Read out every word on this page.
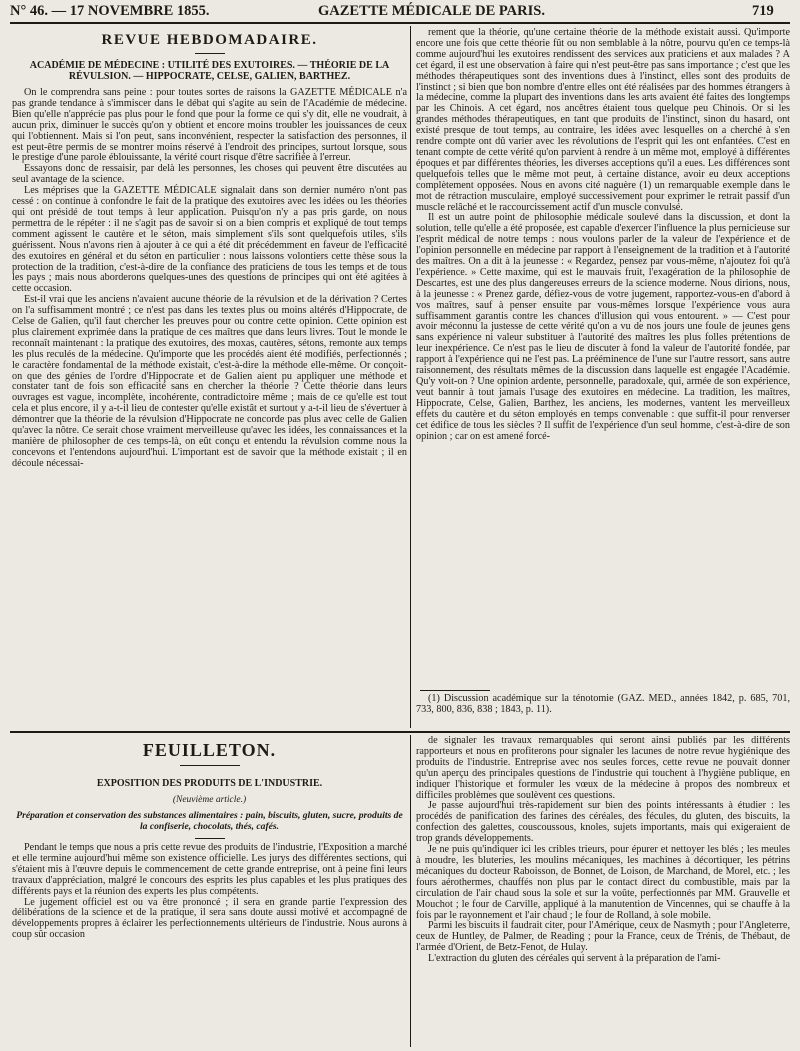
N° 46. — 17 NOVEMBRE 1855.	GAZETTE MÉDICALE DE PARIS.	719
REVUE HEBDOMADAIRE.
ACADÉMIE DE MÉDECINE : UTILITÉ DES EXUTOIRES. — THÉORIE DE LA RÉVULSION. — HIPPOCRATE, CELSE, GALIEN, BARTHEZ.

On le comprendra sans peine : pour toutes sortes de raisons la GAZETTE MÉDICALE n'a pas grande tendance à s'immiscer dans le débat qui s'agite au sein de l'Académie de médecine. Bien qu'elle n'apprécie pas plus pour le fond que pour la forme ce qui s'y dit, elle ne voudrait, à aucun prix, diminuer le succès qu'on y obtient et encore moins troubler les jouissances de ceux qui l'obtiennent. Mais si l'on peut, sans inconvénient, respecter la satisfaction des personnes, il est peut-être permis de se montrer moins réservé à l'endroit des principes, surtout lorsque, sous le prestige d'une parole éblouissante, la vérité court risque d'être sacrifiée à l'erreur.

Essayons donc de ressaisir, par delà les personnes, les choses qui peuvent être discutées au seul avantage de la science.

Les méprises que la GAZETTE MÉDICALE signalait dans son dernier numéro n'ont pas cessé : on continue à confondre le fait de la pratique des exutoires avec les idées ou les théories qui ont présidé de tout temps à leur application. Puisqu'on n'y a pas pris garde, on nous permettra de le répéter : il ne s'agit pas de savoir si on a bien compris et expliqué de tout temps comment agissent le cautère et le séton, mais simplement s'ils sont quelquefois utiles, s'ils guérissent. Nous n'avons rien à ajouter à ce qui a été dit précédemment en faveur de l'efficacité des exutoires en général et du séton en particulier : nous laissons volontiers cette thèse sous la protection de la tradition, c'est-à-dire de la confiance des praticiens de tous les temps et de tous les pays ; mais nous aborderons quelques-unes des questions de principes qui ont été agitées à cette occasion.

Est-il vrai que les anciens n'avaient aucune théorie de la révulsion et de la dérivation ? Certes on l'a suffisamment montré ; ce n'est pas dans les textes plus ou moins altérés d'Hippocrate, de Celse de Galien, qu'il faut chercher les preuves pour ou contre cette opinion. Cette opinion est plus clairement exprimée dans la pratique de ces maîtres que dans leurs livres. Tout le monde le reconnaît maintenant : la pratique des exutoires, des moxas, cautères, sétons, remonte aux temps les plus reculés de la médecine. Qu'importe que les procédés aient été modifiés, perfectionnés ; le caractère fondamental de la méthode existait, c'est-à-dire la méthode elle-même. Or conçoit-on que des génies de l'ordre d'Hippocrate et de Galien aient pu appliquer une méthode et constater tant de fois son efficacité sans en chercher la théorie ? Cette théorie dans leurs ouvrages est vague, incomplète, incohérente, contradictoire même ; mais de ce qu'elle est tout cela et plus encore, il y a-t-il lieu de contester qu'elle existât et surtout y a-t-il lieu de s'évertuer à démontrer que la théorie de la révulsion d'Hippocrate ne concorde pas plus avec celle de Galien qu'avec la nôtre. Ce serait chose vraiment merveilleuse qu'avec les idées, les connaissances et la manière de philosopher de ces temps-là, on eût conçu et entendu la révulsion comme nous la concevons et l'entendons aujourd'hui. L'important est de savoir que la méthode existait ; il en découle nécessai-

rement que la théorie, qu'une certaine théorie de la méthode existait aussi. Qu'importe encore une fois que cette théorie fût ou non semblable à la nôtre, pourvu qu'en ce temps-là comme aujourd'hui les exutoires rendissent des services aux praticiens et aux malades ? A cet égard, il est une observation à faire qui n'est peut-être pas sans importance ; c'est que les méthodes thérapeutiques sont des inventions dues à l'instinct, elles sont des produits de l'instinct ; si bien que bon nombre d'entre elles ont été réalisées par des hommes étrangers à la médecine, comme la plupart des inventions dans les arts avaient été faites des longtemps par les Chinois. A cet égard, nos ancêtres étaient tous quelque peu Chinois. Or si les grandes méthodes thérapeutiques, en tant que produits de l'instinct, sinon du hasard, ont existé presque de tout temps, au contraire, les idées avec lesquelles on a cherché à s'en rendre compte ont dû varier avec les révolutions de l'esprit qui les ont enfantées. C'est en tenant compte de cette vérité qu'on parvient à rendre à un même mot, employé à différentes époques et par différentes théories, les diverses acceptions qu'il a eues. Les différences sont quelquefois telles que le même mot peut, à certaine distance, avoir eu deux acceptions complètement opposées. Nous en avons cité naguère (1) un remarquable exemple dans le mot de rétraction musculaire, employé successivement pour exprimer le retrait passif d'un muscle relâché et le raccourcissement actif d'un muscle convulsé.

Il est un autre point de philosophie médicale soulevé dans la discussion, et dont la solution, telle qu'elle a été proposée, est capable d'exercer l'influence la plus pernicieuse sur l'esprit médical de notre temps : nous voulons parler de la valeur de l'expérience et de l'opinion personnelle en médecine par rapport à l'enseignement de la tradition et à l'autorité des maîtres. On a dit à la jeunesse : « Regardez, pensez par vous-même, n'ajoutez foi qu'à l'expérience. » Cette maxime, qui est le mauvais fruit, l'exagération de la philosophie de Descartes, est une des plus dangereuses erreurs de la science moderne. Nous dirions, nous, à la jeunesse : « Prenez garde, défiez-vous de votre jugement, rapportez-vous-en d'abord à vos maîtres, sauf à penser ensuite par vous-mêmes lorsque l'expérience vous aura suffisamment garantis contre les chances d'illusion qui vous entourent. » — C'est pour avoir méconnu la justesse de cette vérité qu'on a vu de nos jours une foule de jeunes gens sans expérience ni valeur substituer à l'autorité des maîtres les plus folles prétentions de leur inexpérience. Ce n'est pas le lieu de discuter à fond la valeur de l'autorité fondée, par rapport à l'expérience qui ne l'est pas. La prééminence de l'une sur l'autre ressort, sans autre raisonnement, des résultats mêmes de la discussion dans laquelle est engagée l'Académie. Qu'y voit-on ? Une opinion ardente, personnelle, paradoxale, qui, armée de son expérience, veut bannir à tout jamais l'usage des exutoires en médecine. La tradition, les maîtres, Hippocrate, Celse, Galien, Barthez, les anciens, les modernes, vantent les merveilleux effets du cautère et du séton employés en temps convenable : que suffit-il pour renverser cet édifice de tous les siècles ? Il suffit de l'expérience d'un seul homme, c'est-à-dire de son opinion ; car on est amené forcé-

(1) Discussion académique sur la ténotomie (GAZ. MÉD., années 1842, p. 685, 701, 733, 800, 836, 838 ; 1843, p. 11).

FEUILLETON.
EXPOSITION DES PRODUITS DE L'INDUSTRIE.
(Neuvième article.)
Préparation et conservation des substances alimentaires : pain, biscuits, gluten, sucre, produits de la confiserie, chocolats, thés, cafés.

Pendant le temps que nous a pris cette revue des produits de l'industrie, l'Exposition a marché et elle termine aujourd'hui même son existence officielle. Les jurys des différentes sections, qui s'étaient mis à l'œuvre depuis le commencement de cette grande entreprise, ont à peine fini leurs travaux d'appréciation, malgré le concours des esprits les plus capables et les plus pratiques des différents pays et la réunion des experts les plus compétents.

Le jugement officiel est ou va être prononcé ; il sera en grande partie l'expression des délibérations de la science et de la pratique, il sera sans doute aussi motivé et accompagné de développements propres à éclairer les perfectionnements ultérieurs de l'industrie. Nous aurons à coup sûr occasion

de signaler les travaux remarquables qui seront ainsi publiés par les différents rapporteurs et nous en profiterons pour signaler les lacunes de notre revue hygiénique des produits de l'industrie. Entreprise avec nos seules forces, cette revue ne pouvait donner qu'un aperçu des principales questions de l'industrie qui touchent à l'hygiène publique, en indiquer l'historique et formuler les vœux de la médecine à propos des nombreux et difficiles problèmes que soulèvent ces questions.

Je passe aujourd'hui très-rapidement sur bien des points intéressants à étudier : les procédés de panification des farines des céréales, des fécules, du gluten, des biscuits, la confection des galettes, couscoussous, knoles, sujets importants, mais qui exigeraient de trop grands développements.

Je ne puis qu'indiquer ici les cribles trieurs, pour épurer et nettoyer les blés ; les meules à moudre, les bluteries, les moulins mécaniques, les machines à décortiquer, les pétrins mécaniques du docteur Raboisson, de Bonnet, de Loison, de Marchand, de Morel, etc. ; les fours aérothermes, chauffés non plus par le contact direct du combustible, mais par la circulation de l'air chaud sous la sole et sur la voûte, perfectionnés par MM. Grauvelle et Mouchot ; le four de Carville, appliqué à la manutention de Vincennes, qui se chauffe à la fois par le rayonnement et l'air chaud ; le four de Rolland, à sole mobile.

Parmi les biscuits il faudrait citer, pour l'Amérique, ceux de Nasmyth ; pour l'Angleterre, ceux de Huntley, de Palmer, de Reading ; pour la France, ceux de Trénis, de Thébaut, de l'armée d'Orient, de Betz-Fenot, de Hulay.

L'extraction du gluten des céréales qui servent à la préparation de l'ami-
